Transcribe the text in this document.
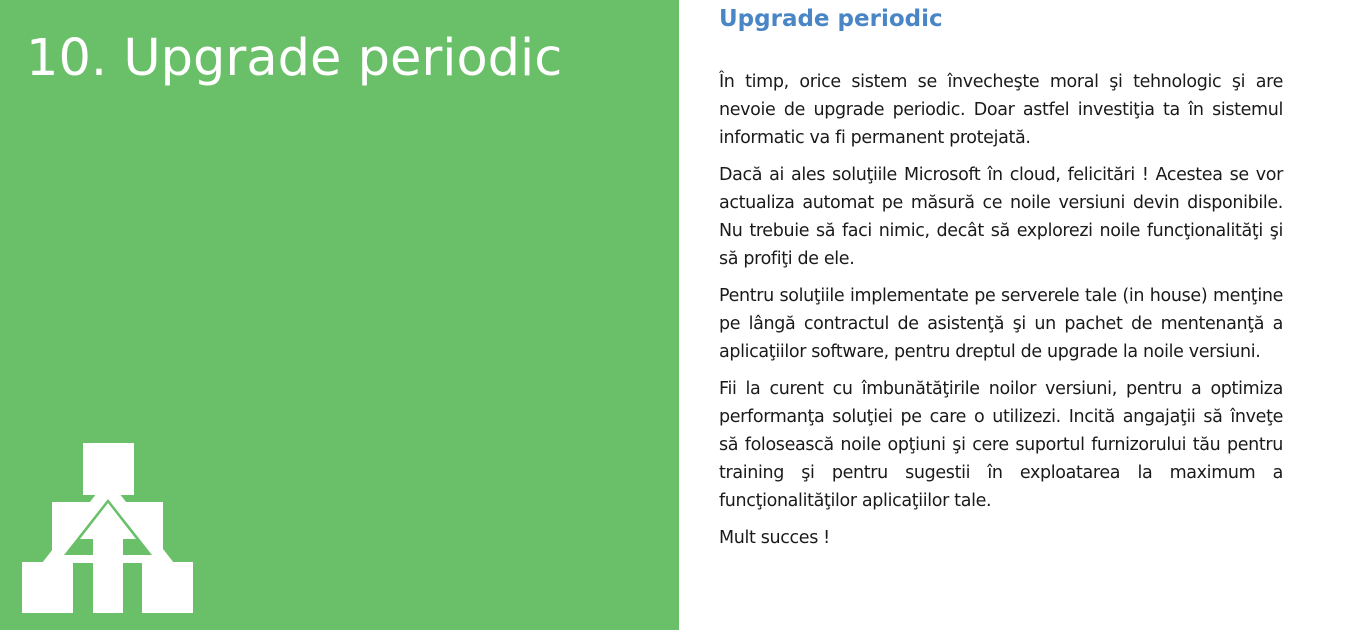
10. Upgrade periodic
Upgrade periodic

În timp, orice sistem se învecheşte moral şi tehnologic şi are nevoie de upgrade periodic. Doar astfel investiţia ta în sistemul informatic va fi permanent protejată.

Dacă ai ales soluţiile Microsoft în cloud, felicitări ! Acestea se vor actualiza automat pe măsură ce noile versiuni devin disponibile. Nu trebuie să faci nimic, decât să explorezi noile funcţionalităţi şi să profiţi de ele.

Pentru soluţiile implementate pe serverele tale (in house) menţine pe lângă contractul de asistenţă şi un pachet de mentenanţă a aplicaţiilor software, pentru dreptul de upgrade la noile versiuni.

Fii la curent cu îmbunătăţirile noilor versiuni, pentru a optimiza performanţa soluţiei pe care o utilizezi. Incită angajaţii să înveţe să folosească noile opţiuni şi cere suportul furnizorului tău pentru training şi pentru sugestii în exploatarea la maximum a funcţionalităţilor aplicaţiilor tale.

Mult succes !
